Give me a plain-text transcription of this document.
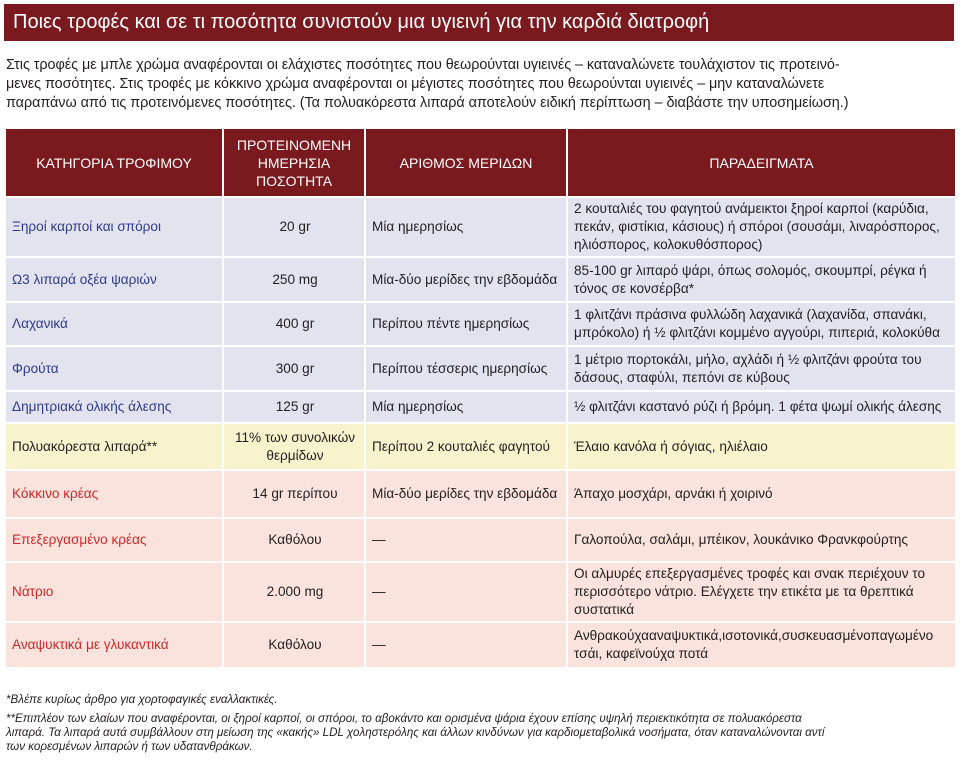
Ποιες τροφές και σε τι ποσότητα συνιστούν μια υγιεινή για την καρδιά διατροφή
Στις τροφές με μπλε χρώμα αναφέρονται οι ελάχιστες ποσότητες που θεωρούνται υγιεινές – καταναλώνετε τουλάχιστον τις προτεινό-
μενες ποσότητες. Στις τροφές με κόκκινο χρώμα αναφέρονται οι μέγιστες ποσότητες που θεωρούνται υγιεινές – μην καταναλώνετε
παραπάνω από τις προτεινόμενες ποσότητες. (Τα πολυακόρεστα λιπαρά αποτελούν ειδική περίπτωση – διαβάστε την υποσημείωση.)
ΚΑΤΗΓΟΡΙΑ ΤΡΟΦΙΜΟΥ	ΠΡΟΤΕΙΝΟΜΕΝΗ ΗΜΕΡΗΣΙΑ ΠΟΣΟΤΗΤΑ	ΑΡΙΘΜΟΣ ΜΕΡΙΔΩΝ	ΠΑΡΑΔΕΙΓΜΑΤΑ
Ξηροί καρποί και σπόροι	20 gr	Μία ημερησίως	2 κουταλιές του φαγητού ανάμεικτοι ξηροί καρποί (καρύδια, πεκάν, φιστίκια, κάσιους) ή σπόροι (σουσάμι, λιναρόσπορος, ηλιόσπορος, κολοκυθόσπορος)
Ω3 λιπαρά οξέα ψαριών	250 mg	Μία-δύο μερίδες την εβδομάδα	85-100 gr λιπαρό ψάρι, όπως σολομός, σκουμπρί, ρέγκα ή τόνος σε κονσέρβα*
Λαχανικά	400 gr	Περίπου πέντε ημερησίως	1 φλιτζάνι πράσινα φυλλώδη λαχανικά (λαχανίδα, σπανάκι, μπρόκολο) ή ½ φλιτζάνι κομμένο αγγούρι, πιπεριά, κολοκύθα
Φρούτα	300 gr	Περίπου τέσσερις ημερησίως	1 μέτριο πορτοκάλι, μήλο, αχλάδι ή ½ φλιτζάνι φρούτα του δάσους, σταφύλι, πεπόνι σε κύβους
Δημητριακά ολικής άλεσης	125 gr	Μία ημερησίως	½ φλιτζάνι καστανό ρύζι ή βρόμη. 1 φέτα ψωμί ολικής άλεσης
Πολυακόρεστα λιπαρά**	11% των συνολικών θερμίδων	Περίπου 2 κουταλιές φαγητού	Έλαιο κανόλα ή σόγιας, ηλιέλαιο
Κόκκινο κρέας	14 gr περίπου	Μία-δύο μερίδες την εβδομάδα	Άπαχο μοσχάρι, αρνάκι ή χοιρινό
Επεξεργασμένο κρέας	Καθόλου	—	Γαλοπούλα, σαλάμι, μπέικον, λουκάνικο Φρανκφούρτης
Νάτριο	2.000 mg	—	Οι αλμυρές επεξεργασμένες τροφές και σνακ περιέχουν το περισσότερο νάτριο. Ελέγχετε την ετικέτα με τα θρεπτικά συστατικά
Αναψυκτικά με γλυκαντικά	Καθόλου	—	Ανθρακούχααναψυκτικά,ισοτονικά,συσκευασμένοπαγωμένο τσάι, καφεϊνούχα ποτά
*Βλέπε κυρίως άρθρο για χορτοφαγικές εναλλακτικές.
**Επιπλέον των ελαίων που αναφέρονται, οι ξηροί καρποί, οι σπόροι, το αβοκάντο και ορισμένα ψάρια έχουν επίσης υψηλή περιεκτικότητα σε πολυακόρεστα
λιπαρά. Τα λιπαρά αυτά συμβάλλουν στη μείωση της «κακής» LDL χοληστερόλης και άλλων κινδύνων για καρδιομεταβολικά νοσήματα, όταν καταναλώνονται αντί
των κορεσμένων λιπαρών ή των υδατανθράκων.
